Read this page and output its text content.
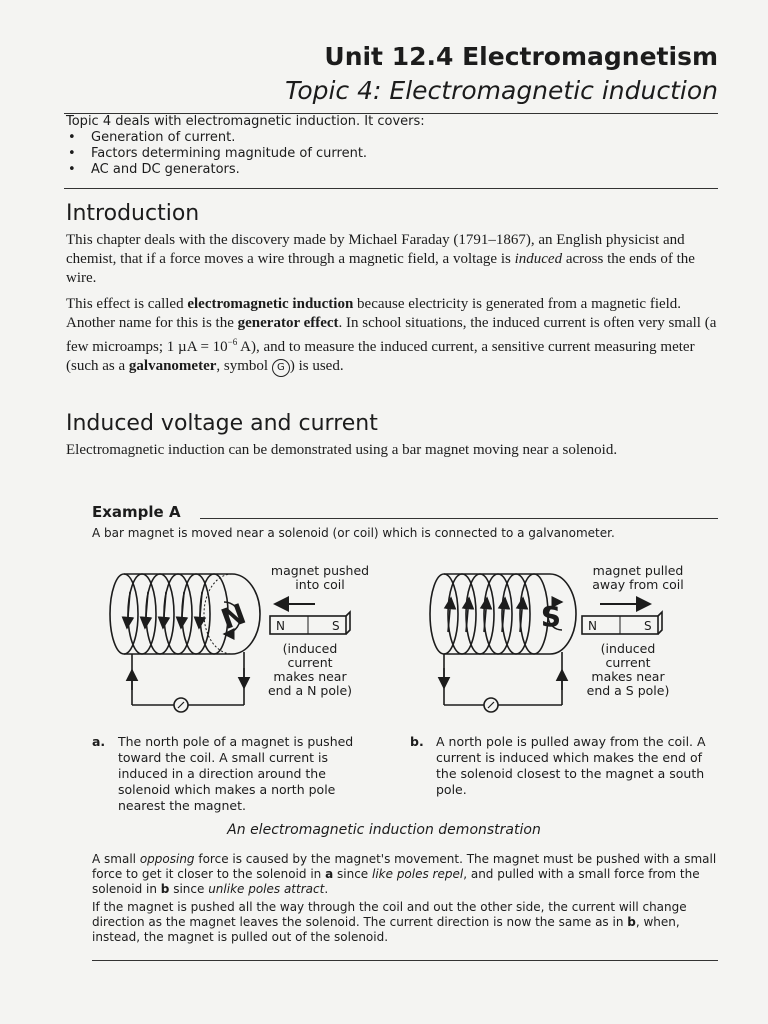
Unit 12.4 Electromagnetism
Topic 4: Electromagnetic induction
Topic 4 deals with electromagnetic induction. It covers:
• Generation of current.
• Factors determining magnitude of current.
• AC and DC generators.
Introduction

This chapter deals with the discovery made by Michael Faraday (1791–1867), an English physicist and chemist, that if a force moves a wire through a magnetic field, a voltage is induced across the ends of the wire.

This effect is called electromagnetic induction because electricity is generated from a magnetic field. Another name for this is the generator effect. In school situations, the induced current is often very small (a few microamps; 1 $\mu A = 10^{-6}$ A), and to measure the induced current, a sensitive current measuring meter (such as a galvanometer, symbol G ) is used.

Induced voltage and current

Electromagnetic induction can be demonstrated using a bar magnet moving near a solenoid.

Example A
A bar magnet is moved near a solenoid (or coil) which is connected to a galvanometer.
N N	S
magnet pushed
into coil
(induced
current
makes near
end a N pole)
S N	S
magnet pulled
away from coil
(induced
current
makes near
end a S pole)
a.	The north pole of a magnet is pushed toward the coil. A small current is induced in a direction around the solenoid which makes a north pole nearest the magnet.
b. A north pole is pulled away from the coil. A current is induced which makes the end of the solenoid closest to the magnet a south pole.
An electromagnetic induction demonstration

A small opposing force is caused by the magnet's movement. The magnet must be pushed with a small force to get it closer to the solenoid in a since like poles repel, and pulled with a small force from the solenoid in b since unlike poles attract.

If the magnet is pushed all the way through the coil and out the other side, the current will change direction as the magnet leaves the solenoid. The current direction is now the same as in b, when, instead, the magnet is pulled out of the solenoid.
